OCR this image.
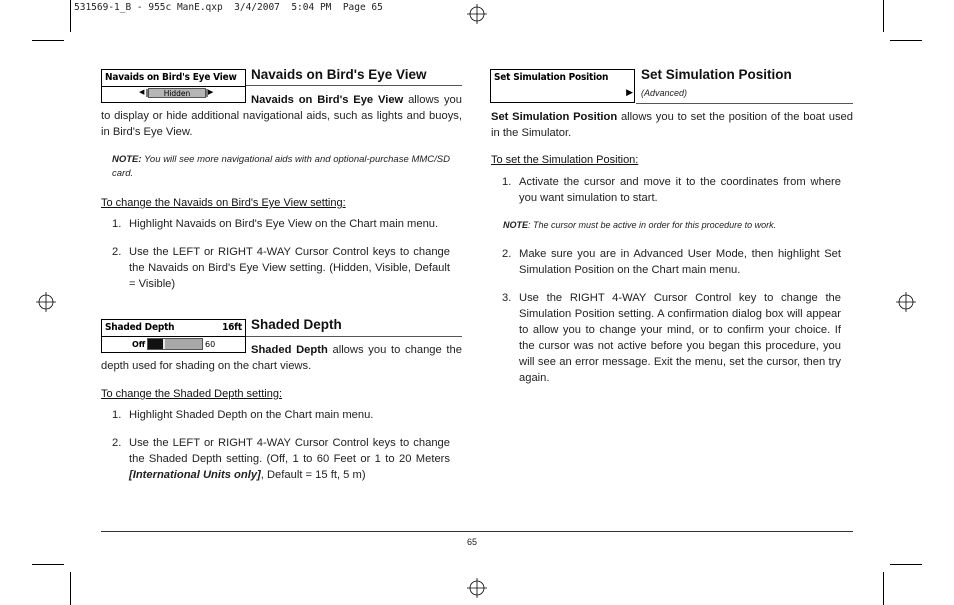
531569-1_B - 955c ManE.qxp  3/4/2007  5:04 PM  Page 65
Navaids on Bird's Eye View
◀	▶
Hidden
Navaids on Bird's Eye View
Navaids on Bird's Eye View allows you to display or hide additional navigational aids, such as lights and buoys, in Bird's Eye View.
NOTE: You will see more navigational aids with and optional-purchase MMC/SD card.
To change the Navaids on Bird's Eye View setting:
1. Highlight Navaids on Bird's Eye View on the Chart main menu.
2. Use the LEFT or RIGHT 4-WAY Cursor Control keys to change the Navaids on Bird's Eye View setting. (Hidden, Visible, Default = Visible)
Shaded Depth	16ft
Off	60
Shaded Depth
Shaded Depth allows you to change the depth used for shading on the chart views.
To change the Shaded Depth setting:
1. Highlight Shaded Depth on the Chart main menu.
2. Use the LEFT or RIGHT 4-WAY Cursor Control keys to change the Shaded Depth setting. (Off, 1 to 60 Feet or 1 to 20 Meters [International Units only], Default = 15 ft, 5 m)
Set Simulation Position
▶
Set Simulation Position
(Advanced)
Set Simulation Position allows you to set the position of the boat used in the Simulator.
To set the Simulation Position:
1. Activate the cursor and move it to the coordinates from where you want simulation to start.
NOTE: The cursor must be active in order for this procedure to work.
2. Make sure you are in Advanced User Mode, then highlight Set Simulation Position on the Chart main menu.
3. Use the RIGHT 4-WAY Cursor Control key to change the Simulation Position setting. A confirmation dialog box will appear to allow you to change your mind, or to confirm your choice. If the cursor was not active before you began this procedure, you will see an error message. Exit the menu, set the cursor, then try again.
65
